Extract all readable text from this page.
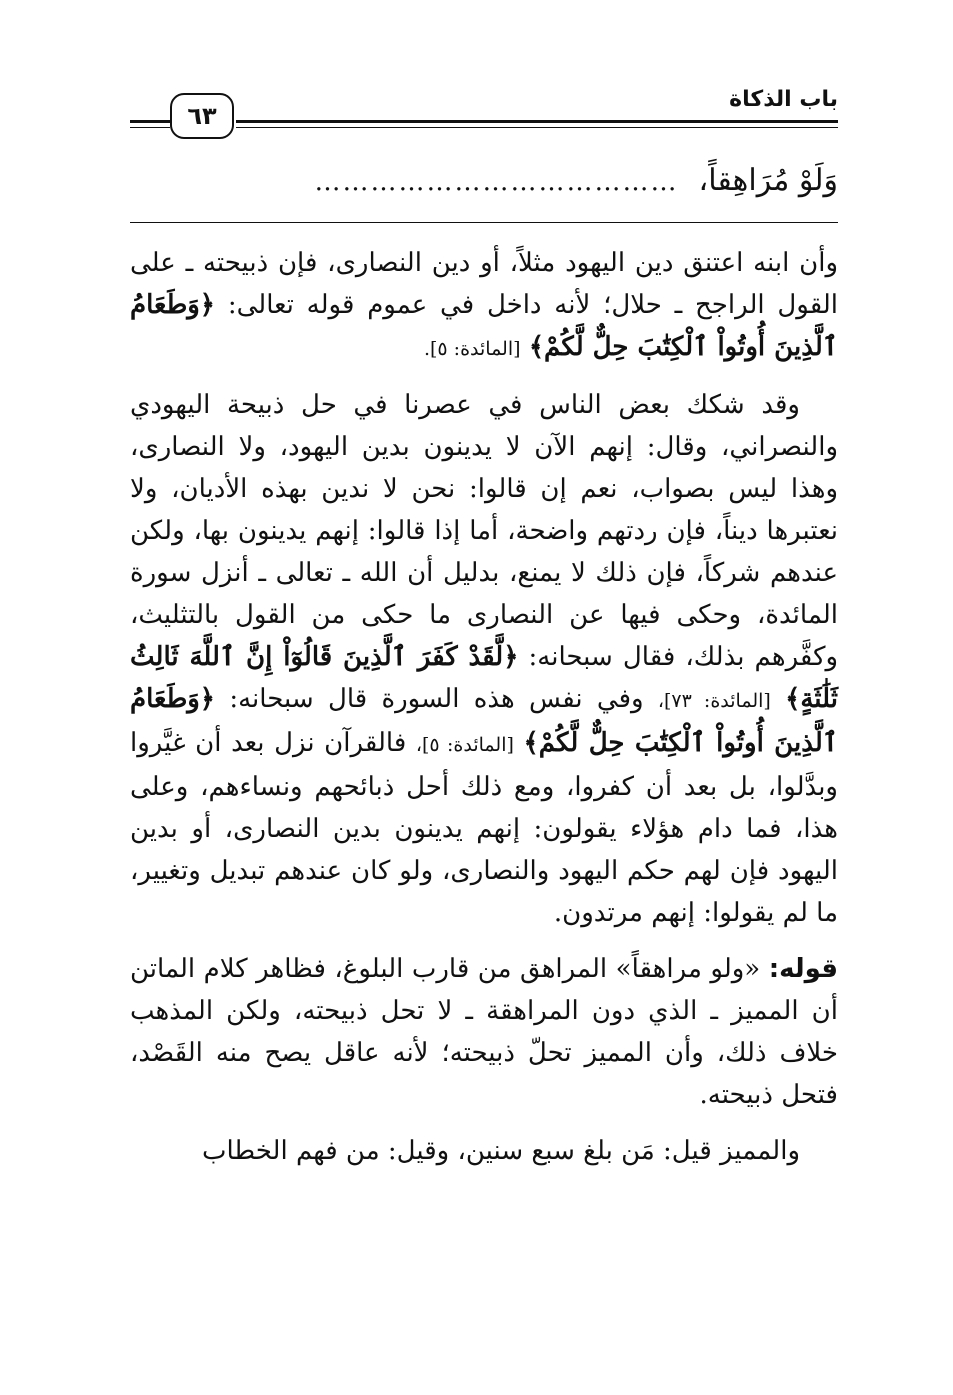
٦٣
باب الذكاة
وَلَوْ مُرَاهِقاً،…………………………………

وأن ابنه اعتنق دين اليهود مثلاً، أو دين النصارى، فإن ذبيحته ـ على القول الراجح ـ حلال؛ لأنه داخل في عموم قوله تعالى: ﴿وَطَعَامُ ٱلَّذِينَ أُوتُواْ ٱلْكِتَٰبَ حِلٌّ لَّكُمْ﴾ [المائدة: ٥].

وقد شكك بعض الناس في عصرنا في حل ذبيحة اليهودي والنصراني، وقال: إنهم الآن لا يدينون بدين اليهود، ولا النصارى، وهذا ليس بصواب، نعم إن قالوا: نحن لا ندين بهذه الأديان، ولا نعتبرها ديناً، فإن ردتهم واضحة، أما إذا قالوا: إنهم يدينون بها، ولكن عندهم شركاً، فإن ذلك لا يمنع، بدليل أن الله ـ تعالى ـ أنزل سورة المائدة، وحكى فيها عن النصارى ما حكى من القول بالتثليث، وكفَّرهم بذلك، فقال سبحانه: ﴿لَّقَدْ كَفَرَ ٱلَّذِينَ قَالُوٓاْ إِنَّ ٱللَّهَ ثَالِثُ ثَلَٰثَةٍ﴾ [المائدة: ٧٣]، وفي نفس هذه السورة قال سبحانه: ﴿وَطَعَامُ ٱلَّذِينَ أُوتُواْ ٱلْكِتَٰبَ حِلٌّ لَّكُمْ﴾ [المائدة: ٥]، فالقرآن نزل بعد أن غيَّروا وبدَّلوا، بل بعد أن كفروا، ومع ذلك أحل ذبائحهم ونساءهم، وعلى هذا، فما دام هؤلاء يقولون: إنهم يدينون بدين النصارى، أو بدين اليهود فإن لهم حكم اليهود والنصارى، ولو كان عندهم تبديل وتغيير، ما لم يقولوا: إنهم مرتدون.

قوله: «ولو مراهقاً» المراهق من قارب البلوغ، فظاهر كلام الماتن أن المميز ـ الذي دون المراهقة ـ لا تحل ذبيحته، ولكن المذهب خلاف ذلك، وأن المميز تحلّ ذبيحته؛ لأنه عاقل يصح منه القَصْد، فتحل ذبيحته.

والمميز قيل: مَن بلغ سبع سنين، وقيل: من فهم الخطاب
